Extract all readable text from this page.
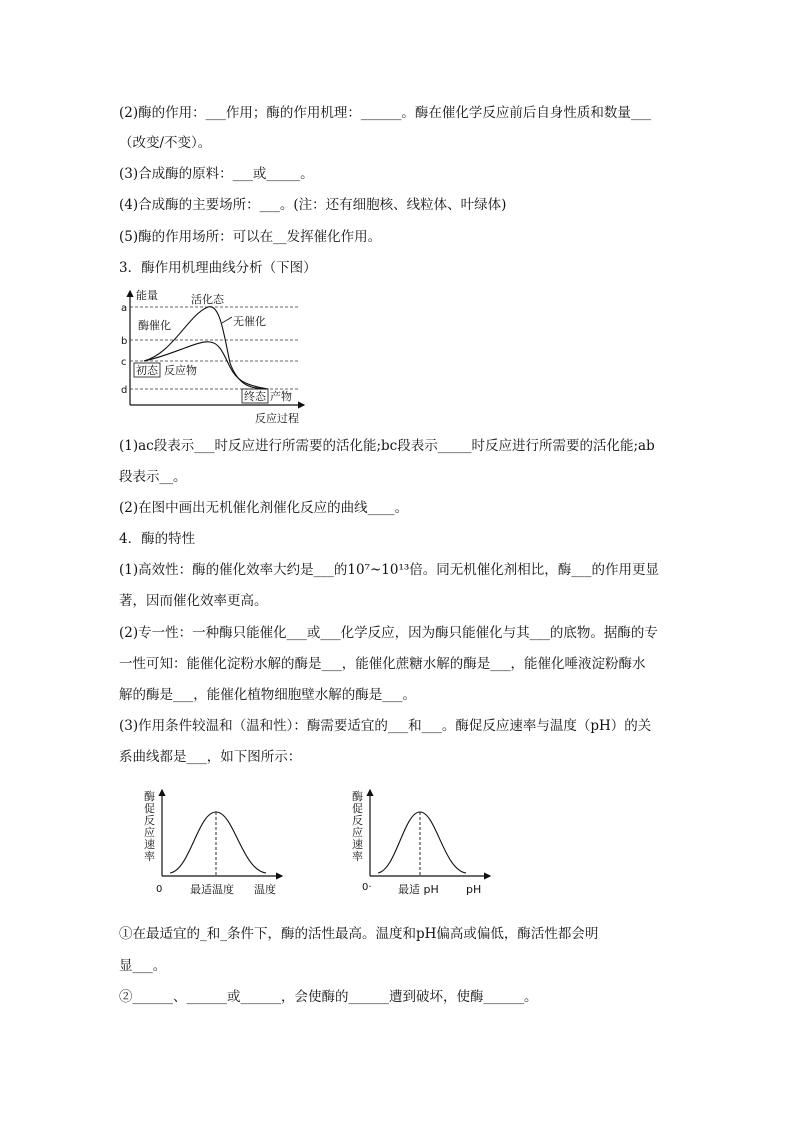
(2)酶的作用：___作用；酶的作用机理：______。酶在催化学反应前后自身性质和数量___
（改变/不变）。
(3)合成酶的原料：___或_____。
(4)合成酶的主要场所：___。(注：还有细胞核、线粒体、叶绿体)
(5)酶的作用场所：可以在__发挥催化作用。
3．酶作用机理曲线分析（下图）
能量
反应过程
a
b
c
d
活化态
无催化
酶催化
初态 反应物
终态 产物
(1)ac段表示___时反应进行所需要的活化能;bc段表示_____时反应进行所需要的活化能;ab
段表示__。
(2)在图中画出无机催化剂催化反应的曲线____。
4．酶的特性
(1)高效性：酶的催化效率大约是___的10⁷~10¹³倍。同无机催化剂相比，酶___的作用更显
著，因而催化效率更高。
(2)专一性：一种酶只能催化___或___化学反应，因为酶只能催化与其___的底物。据酶的专
一性可知：能催化淀粉水解的酶是___，能催化蔗糖水解的酶是___，能催化唾液淀粉酶水
解的酶是___，能催化植物细胞壁水解的酶是___。
(3)作用条件较温和（温和性）：酶需要适宜的___和___。酶促反应速率与温度（pH）的关
系曲线都是___，如下图所示：
酶
促
反
应
速
率
0	最适温度 温度
酶
促
反
应
速
率
0· 最适 pH pH
①在最适宜的_和_条件下，酶的活性最高。温度和pH偏高或偏低，酶活性都会明
显___。
②______、______或______，会使酶的______遭到破坏，使酶______。
